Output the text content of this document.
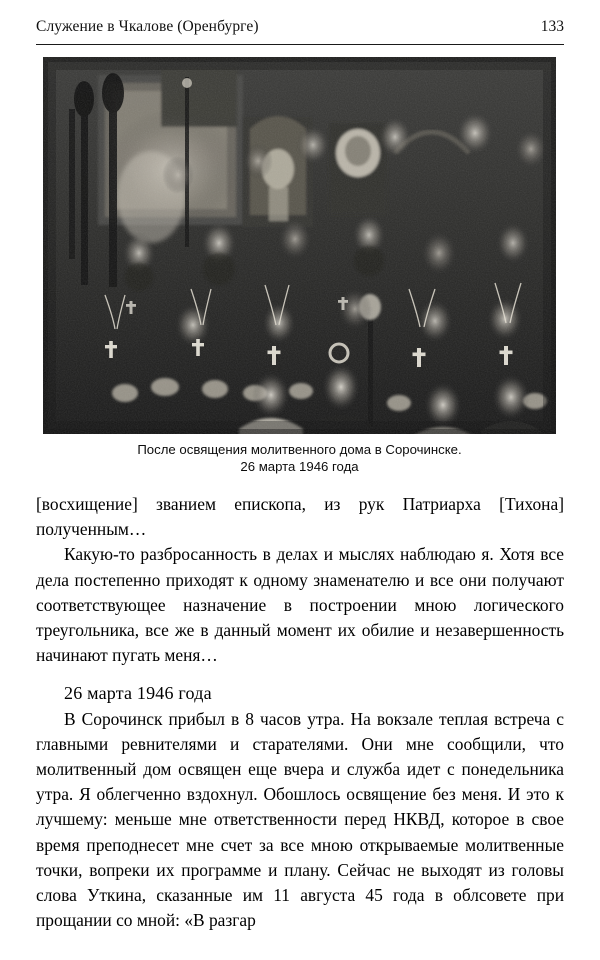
Служение в Чкалове (Оренбурге)	133
После освящения молитвенного дома в Сорочинске.
26 марта 1946 года

[восхищение] званием епископа, из рук Патриарха [Тихона] полученным…

Какую-то разбросанность в делах и мыслях наблюдаю я. Хотя все дела постепенно приходят к одному знаменателю и все они получают соответствующее назначение в построении мною логического треугольника, все же в данный момент их обилие и незавершенность начинают пугать меня…

26 марта 1946 года

В Сорочинск прибыл в 8 часов утра. На вокзале теплая встреча с главными ревнителями и старателями. Они мне сообщили, что молитвенный дом освящен еще вчера и служба идет с понедельника утра. Я облегченно вздохнул. Обошлось освящение без меня. И это к лучшему: меньше мне ответственности перед НКВД, которое в свое время преподнесет мне счет за все мною открываемые молитвенные точки, вопреки их программе и плану. Сейчас не выходят из головы слова Уткина, сказанные им 11 августа 45 года в облсовете при прощании со мной: «В разгар
